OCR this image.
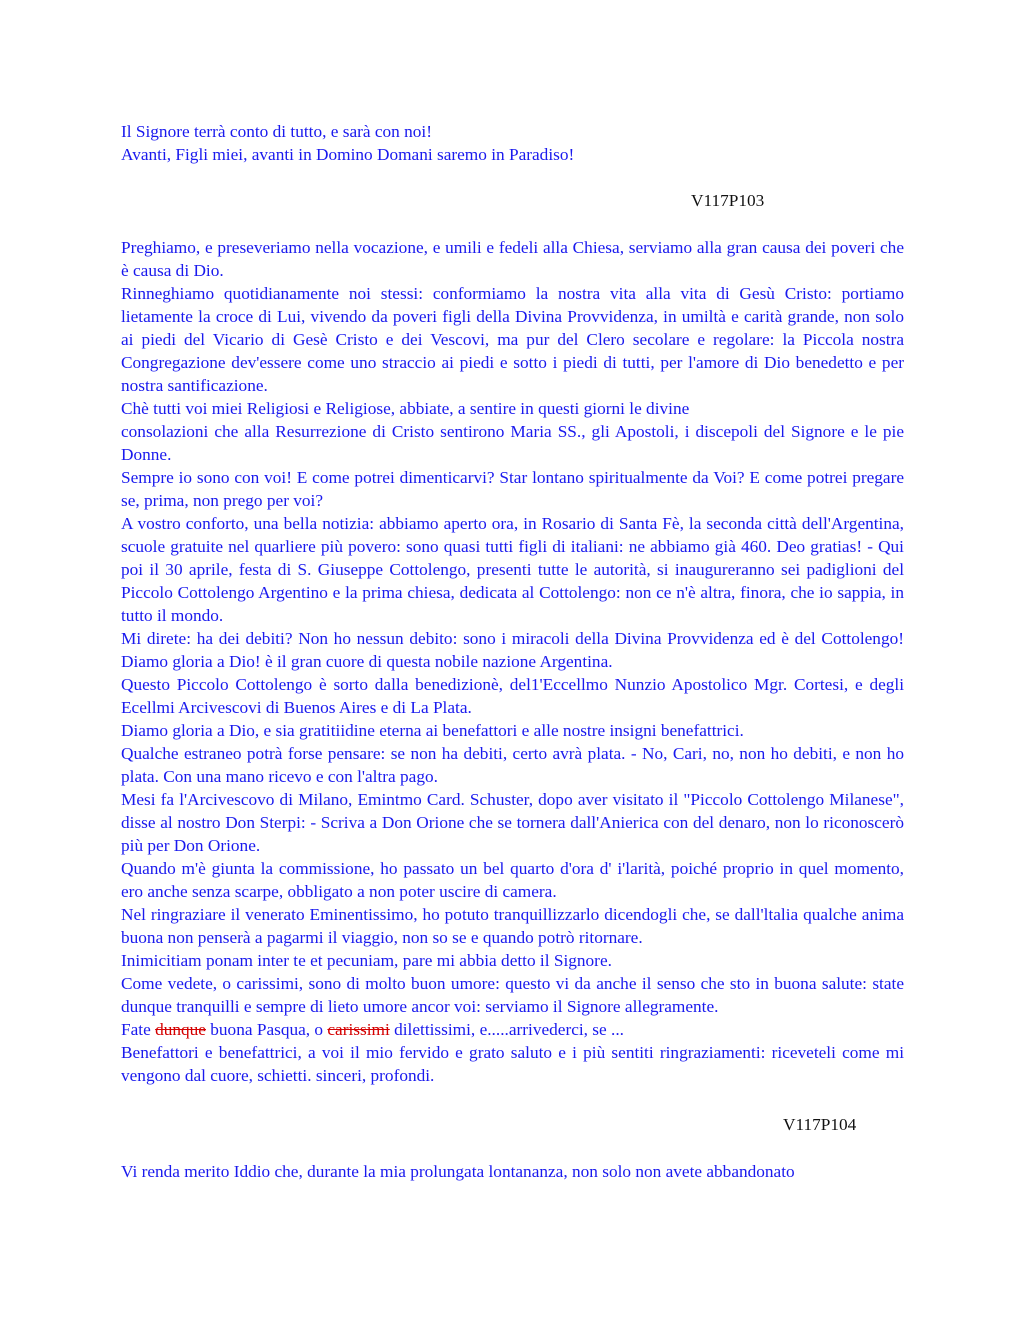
Il Signore terrà conto di tutto, e sarà con noi!
Avanti, Figli miei, avanti in Domino Domani saremo in Paradiso!
V117P103
Preghiamo, e preseveriamo nella vocazione, e umili e fedeli alla Chiesa, serviamo alla gran causa dei poveri che è causa di Dio.
Rinneghiamo quotidianamente noi stessi: conformiamo la nostra vita alla vita di Gesù Cristo: portiamo lietamente la croce di Lui, vivendo da poveri figli della Divina Provvidenza, in umiltà e carità grande, non solo ai piedi del Vicario di Gesè Cristo e dei Vescovi, ma pur del Clero secolare e regolare: la Piccola nostra Congregazione dev'essere come uno straccio ai piedi e sotto i piedi di tutti, per l'amore di Dio benedetto e per nostra santificazione.
Chè tutti voi miei Religiosi e Religiose, abbiate, a sentire in questi giorni le divine
consolazioni che alla Resurrezione di Cristo sentirono Maria SS., gli Apostoli, i discepoli del Signore e le pie Donne.
Sempre io sono con voi! E come potrei dimenticarvi? Star lontano spiritualmente da Voi? E come potrei pregare se, prima, non prego per voi?
A vostro conforto, una bella notizia: abbiamo aperto ora, in Rosario di Santa Fè, la seconda città dell'Argentina, scuole gratuite nel quarliere più povero: sono quasi tutti figli di italiani: ne abbiamo già 460. Deo gratias! - Qui poi il 30 aprile, festa di S. Giuseppe Cottolengo, presenti tutte le autorità, si inaugureranno sei padiglioni del Piccolo Cottolengo Argentino e la prima chiesa, dedicata al Cottolengo: non ce n'è altra, finora, che io sappia, in tutto il mondo.
Mi direte: ha dei debiti? Non ho nessun debito: sono i miracoli della Divina Provvidenza ed è del Cottolengo! Diamo gloria a Dio! è il gran cuore di questa nobile nazione Argentina.
Questo Piccolo Cottolengo è sorto dalla benedizionè, del1'Eccellmo Nunzio Apostolico Mgr. Cortesi, e degli Ecellmi Arcivescovi di Buenos Aires e di La Plata.
Diamo gloria a Dio, e sia gratitiidine eterna ai benefattori e alle nostre insigni benefattrici.
Qualche estraneo potrà forse pensare: se non ha debiti, certo avrà plata. - No, Cari, no, non ho debiti, e non ho plata. Con una mano ricevo e con l'altra pago.
Mesi fa l'Arcivescovo di Milano, Emintmo Card. Schuster, dopo aver visitato il "Piccolo Cottolengo Milanese", disse al nostro Don Sterpi: - Scriva a Don Orione che se tornera dall'Anierica con del denaro, non lo riconoscerò più per Don Orione.
Quando m'è giunta la commissione, ho passato un bel quarto d'ora d' i'larità, poiché proprio in quel momento, ero anche senza scarpe, obbligato a non poter uscire di camera.
Nel ringraziare il venerato Eminentissimo, ho potuto tranquillizzarlo dicendogli che, se dall'ltalia qualche anima buona non penserà a pagarmi il viaggio, non so se e quando potrò ritornare.
Inimicitiam ponam inter te et pecuniam, pare mi abbia detto il Signore.
Come vedete, o carissimi, sono di molto buon umore: questo vi da anche il senso che sto in buona salute: state dunque tranquilli e sempre di lieto umore ancor voi: serviamo il Signore allegramente.
Fate dunque buona Pasqua, o carissimi dilettissimi, e.....arrivederci, se ...
Benefattori e benefattrici, a voi il mio fervido e grato saluto e i più sentiti ringraziamenti: riceveteli come mi vengono dal cuore, schietti. sinceri, profondi.
V117P104
Vi renda merito Iddio che, durante la mia prolungata lontananza, non solo non avete abbandonato
